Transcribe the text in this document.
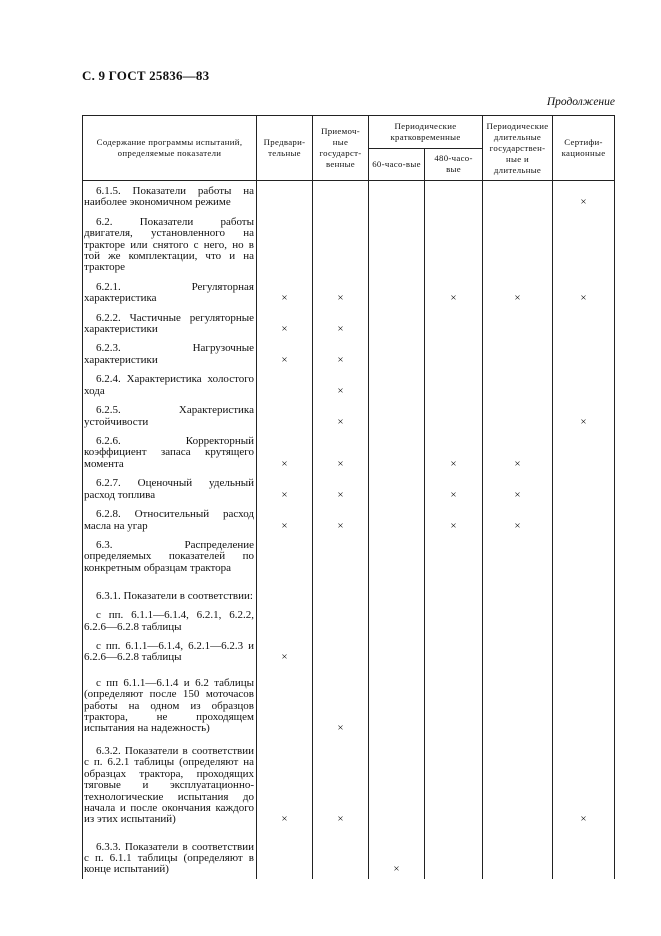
С. 9 ГОСТ 25836—83
Продолжение
Содержание программы испытаний, определяемые показатели	Предвари-тельные	Приемоч-ные государст-венные	Периодические кратковременные		Периодические длительные государствен-ные и длительные	Сертифи-кационные
			60-часо-вые	480-часо-вые		
6.1.5. Показатели работы на наиболее экономичном режиме						×
6.2. Показатели работы двигателя, установленного на тракторе или снятого с него, но в той же комплектации, что и на тракторе						
6.2.1. Регуляторная характеристика	×	×		×	×	×
6.2.2. Частичные регуляторные характеристики	×	×				
6.2.3. Нагрузочные характеристики	×	×				
6.2.4. Характеристика холостого хода		×				
6.2.5. Характеристика устойчивости		×				×
6.2.6. Корректорный коэффициент запаса крутящего момента	×	×		×	×	
6.2.7. Оценочный удельный расход топлива	×	×		×	×	
6.2.8. Относительный расход масла на угар	×	×		×	×	
6.3. Распределение определяемых показателей по конкретным образцам трактора						
6.3.1. Показатели в соответствии:						
с пп. 6.1.1—6.1.4, 6.2.1, 6.2.2, 6.2.6—6.2.8 таблицы						
с пп. 6.1.1—6.1.4, 6.2.1—6.2.3 и 6.2.6—6.2.8 таблицы	×					
с пп 6.1.1—6.1.4 и 6.2 таблицы (определяют после 150 моточасов работы на одном из образцов трактора, не проходящем испытания на надежность)		×				
6.3.2. Показатели в соответствии с п. 6.2.1 таблицы (определяют на образцах трактора, проходящих тяговые и эксплуатационно-технологические испытания до начала и после окончания каждого из этих испытаний)	×	×				×
6.3.3. Показатели в соответствии с п. 6.1.1 таблицы (определяют в конце испытаний)			×			
